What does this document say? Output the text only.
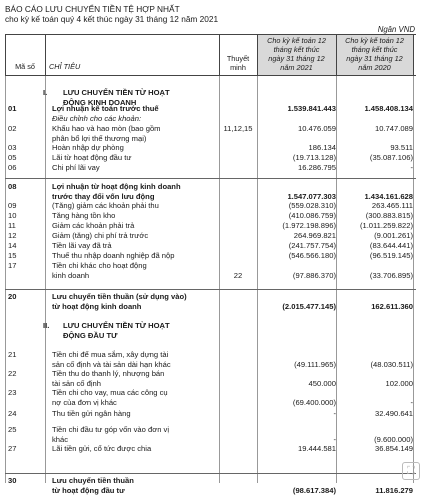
BÁO CÁO LƯU CHUYỂN TIỀN TỆ HỢP NHẤT
cho kỳ kế toán quý 4 kết thúc ngày 31 tháng 12 năm 2021
Ngân VND
Mã số	CHỈ TIÊU
Thuyết
minh
Cho kỳ kế toán 12
tháng kết thúc
ngày 31 tháng 12
năm 2021
Cho kỳ kế toán 12
tháng kết thúc
ngày 31 tháng 12
năm 2020
I. LƯU CHUYỂN TIỀN TỪ HOẠT
ĐỘNG KINH DOANH
01	Lợi nhuận kế toán trước thuế	1.539.841.443	1.458.408.134
Điều chỉnh cho các khoản:
02	Khấu hao và hao mòn (bao gồm
phân bổ lợi thế thương mại)
11,12,15	10.476.059	10.747.089
03	Hoàn nhập dự phòng	186.134	93.511
05	Lãi từ hoạt động đầu tư	(19.713.128)	(35.087.106)
06	Chi phí lãi vay	16.286.795	-
08	Lợi nhuận từ hoạt động kinh doanh
trước thay đổi vốn lưu động	1.547.077.303	1.434.161.628
09	(Tăng) giảm các khoản phải thu	(559.028.310)	263.465.111
10	Tăng hàng tồn kho	(410.086.759)	(300.883.815)
11	Giảm các khoản phải trả	(1.972.198.896)	(1.011.259.822)
12	Giảm (tăng) chi phí trả trước	264.969.821	(9.001.261)
14	Tiền lãi vay đã trả	(241.757.754)	(83.644.441)
15	Thuế thu nhập doanh nghiệp đã nộp	(546.566.180)	(96.519.145)
17	Tiền chi khác cho hoạt động
kinh doanh	22	(97.886.370)	(33.706.895)
20	Lưu chuyển tiền thuần (sử dụng vào)
từ hoạt động kinh doanh	(2.015.477.145)	162.611.360
II. LƯU CHUYỂN TIỀN TỪ HOẠT
ĐỘNG ĐẦU TƯ
21	Tiền chi để mua sắm, xây dựng tài
sản cố định và tài sản dài hạn khác	(49.111.965)	(48.030.511)
22	Tiền thu do thanh lý, nhượng bán
tài sản cố định	450.000	102.000
23	Tiền chi cho vay, mua các công cụ
nợ của đơn vị khác	(69.400.000)	-
24	Thu tiền gửi ngân hàng	-	32.490.641
25	Tiền chi đầu tư góp vốn vào đơn vị
khác	-	(9.600.000)
27	Lãi tiền gửi, cổ tức được chia	19.444.581	36.854.149
30	Lưu chuyển tiền thuần
từ hoạt động đầu tư	(98.617.384)	11.816.279
⛶
